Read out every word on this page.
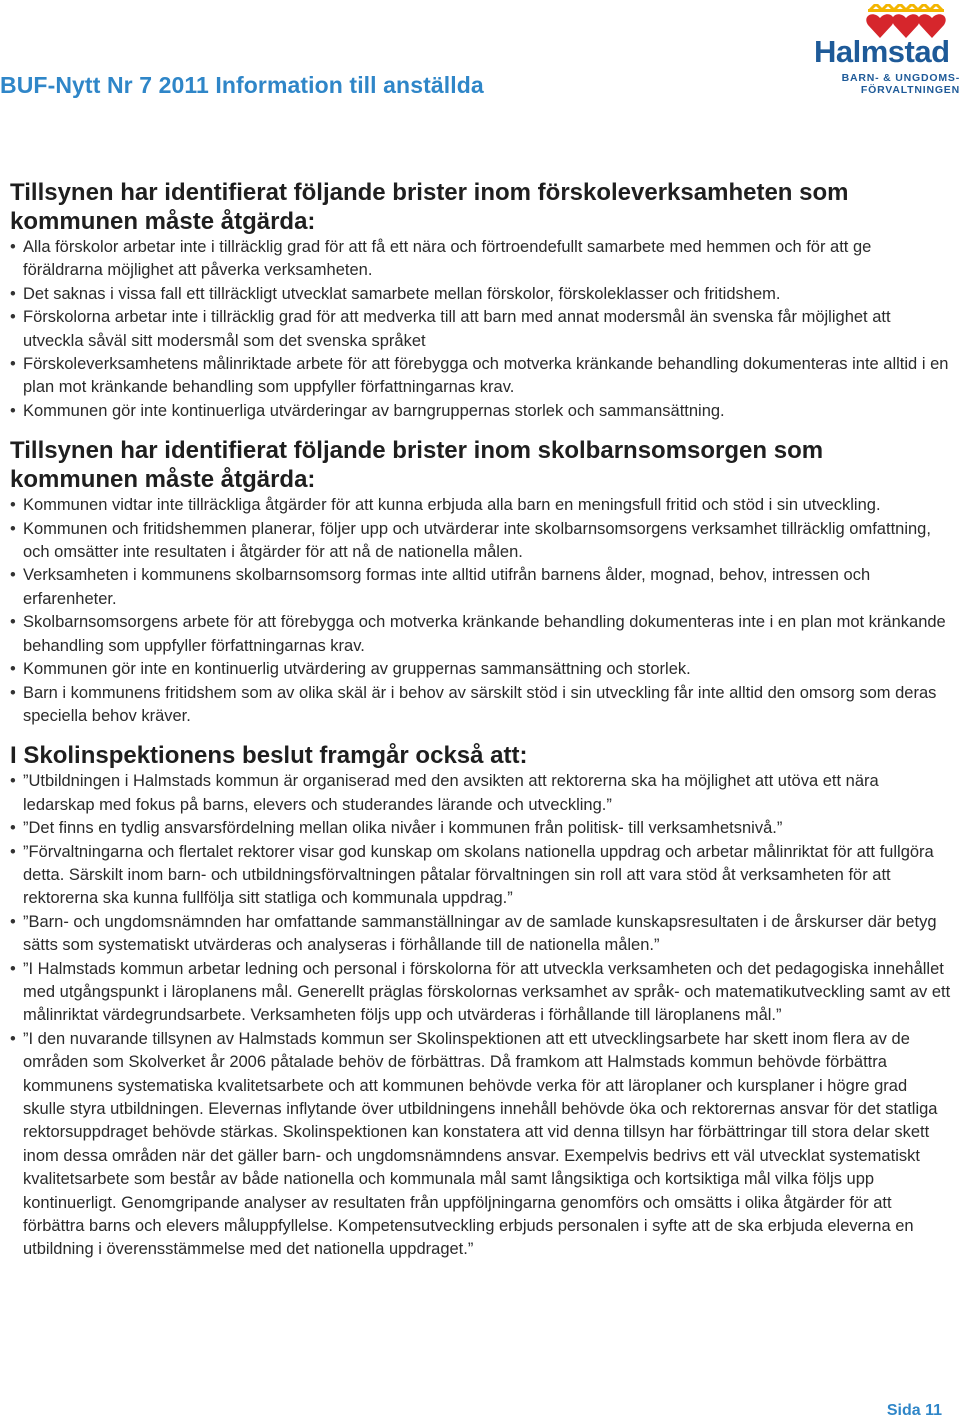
BUF-Nytt Nr 7 2011 Information till anställda
Halmstad
BARN- & UNGDOMS-
FÖRVALTNINGEN
Tillsynen har identifierat följande brister inom förskoleverksamheten som kommunen måste åtgärda:
• Alla förskolor arbetar inte i tillräcklig grad för att få ett nära och förtroendefullt samarbete med hemmen och för att ge föräldrarna möjlighet att påverka verksamheten.
• Det saknas i vissa fall ett tillräckligt utvecklat samarbete mellan förskolor, förskoleklasser och fritidshem.
• Förskolorna arbetar inte i tillräcklig grad för att medverka till att barn med annat modersmål än svenska får möjlighet att utveckla såväl sitt modersmål som det svenska språket
• Förskoleverksamhetens målinriktade arbete för att förebygga och motverka kränkande behandling dokumenteras inte alltid i en plan mot kränkande behandling som uppfyller författningarnas krav.
• Kommunen gör inte kontinuerliga utvärderingar av barngruppernas storlek och sammansättning.
Tillsynen har identifierat följande brister inom skolbarnsomsorgen som kommunen måste åtgärda:
• Kommunen vidtar inte tillräckliga åtgärder för att kunna erbjuda alla barn en meningsfull fritid och stöd i sin utveckling.
• Kommunen och fritidshemmen planerar, följer upp och utvärderar inte skolbarnsomsorgens verksamhet tillräcklig omfattning, och omsätter inte resultaten i åtgärder för att nå de nationella målen.
• Verksamheten i kommunens skolbarnsomsorg formas inte alltid utifrån barnens ålder, mognad, behov, intressen och erfarenheter.
• Skolbarnsomsorgens arbete för att förebygga och motverka kränkande behandling dokumenteras inte i en plan mot kränkande behandling som uppfyller författningarnas krav.
• Kommunen gör inte en kontinuerlig utvärdering av gruppernas sammansättning och storlek.
• Barn i kommunens fritidshem som av olika skäl är i behov av särskilt stöd i sin utveckling får inte alltid den omsorg som deras speciella behov kräver.
I Skolinspektionens beslut framgår också att:
• ”Utbildningen i Halmstads kommun är organiserad med den avsikten att rektorerna ska ha möjlighet att utöva ett nära ledarskap med fokus på barns, elevers och studerandes lärande och utveckling.”
• ”Det finns en tydlig ansvarsfördelning mellan olika nivåer i kommunen från politisk- till verksamhetsnivå.”
• ”Förvaltningarna och flertalet rektorer visar god kunskap om skolans nationella uppdrag och arbetar målinriktat för att fullgöra detta. Särskilt inom barn- och utbildningsförvaltningen påtalar förvaltningen sin roll att vara stöd åt verksamheten för att rektorerna ska kunna fullfölja sitt statliga och kommunala uppdrag.”
• ”Barn- och ungdomsnämnden har omfattande sammanställningar av de samlade kunskapsresultaten i de årskurser där betyg sätts som systematiskt utvärderas och analyseras i förhållande till de nationella målen.”
• ”I Halmstads kommun arbetar ledning och personal i förskolorna för att utveckla verksamheten och det pedagogiska innehållet med utgångspunkt i läroplanens mål. Generellt präglas förskolornas verksamhet av språk- och matematikutveckling samt av ett målinriktat värdegrundsarbete. Verksamheten följs upp och utvärderas i förhållande till läroplanens mål.”
• ”I den nuvarande tillsynen av Halmstads kommun ser Skolinspektionen att ett utvecklingsarbete har skett inom flera av de områden som Skolverket år 2006 påtalade behöv de förbättras. Då framkom att Halmstads kommun behövde förbättra kommunens systematiska kvalitetsarbete och att kommunen behövde verka för att läroplaner och kursplaner i högre grad skulle styra utbildningen. Elevernas inflytande över utbildningens innehåll behövde öka och rektorernas ansvar för det statliga rektorsuppdraget behövde stärkas. Skolinspektionen kan konstatera att vid denna tillsyn har förbättringar till stora delar skett inom dessa områden när det gäller barn- och ungdomsnämndens ansvar. Exempelvis bedrivs ett väl utvecklat systematiskt kvalitetsarbete som består av både nationella och kommunala mål samt långsiktiga och kortsiktiga mål vilka följs upp kontinuerligt. Genomgripande analyser av resultaten från uppföljningarna genomförs och omsätts i olika åtgärder för att förbättra barns och elevers måluppfyllelse. Kompetensutveckling erbjuds personalen i syfte att de ska erbjuda eleverna en utbildning i överensstämmelse med det nationella uppdraget.”
Sida 11
